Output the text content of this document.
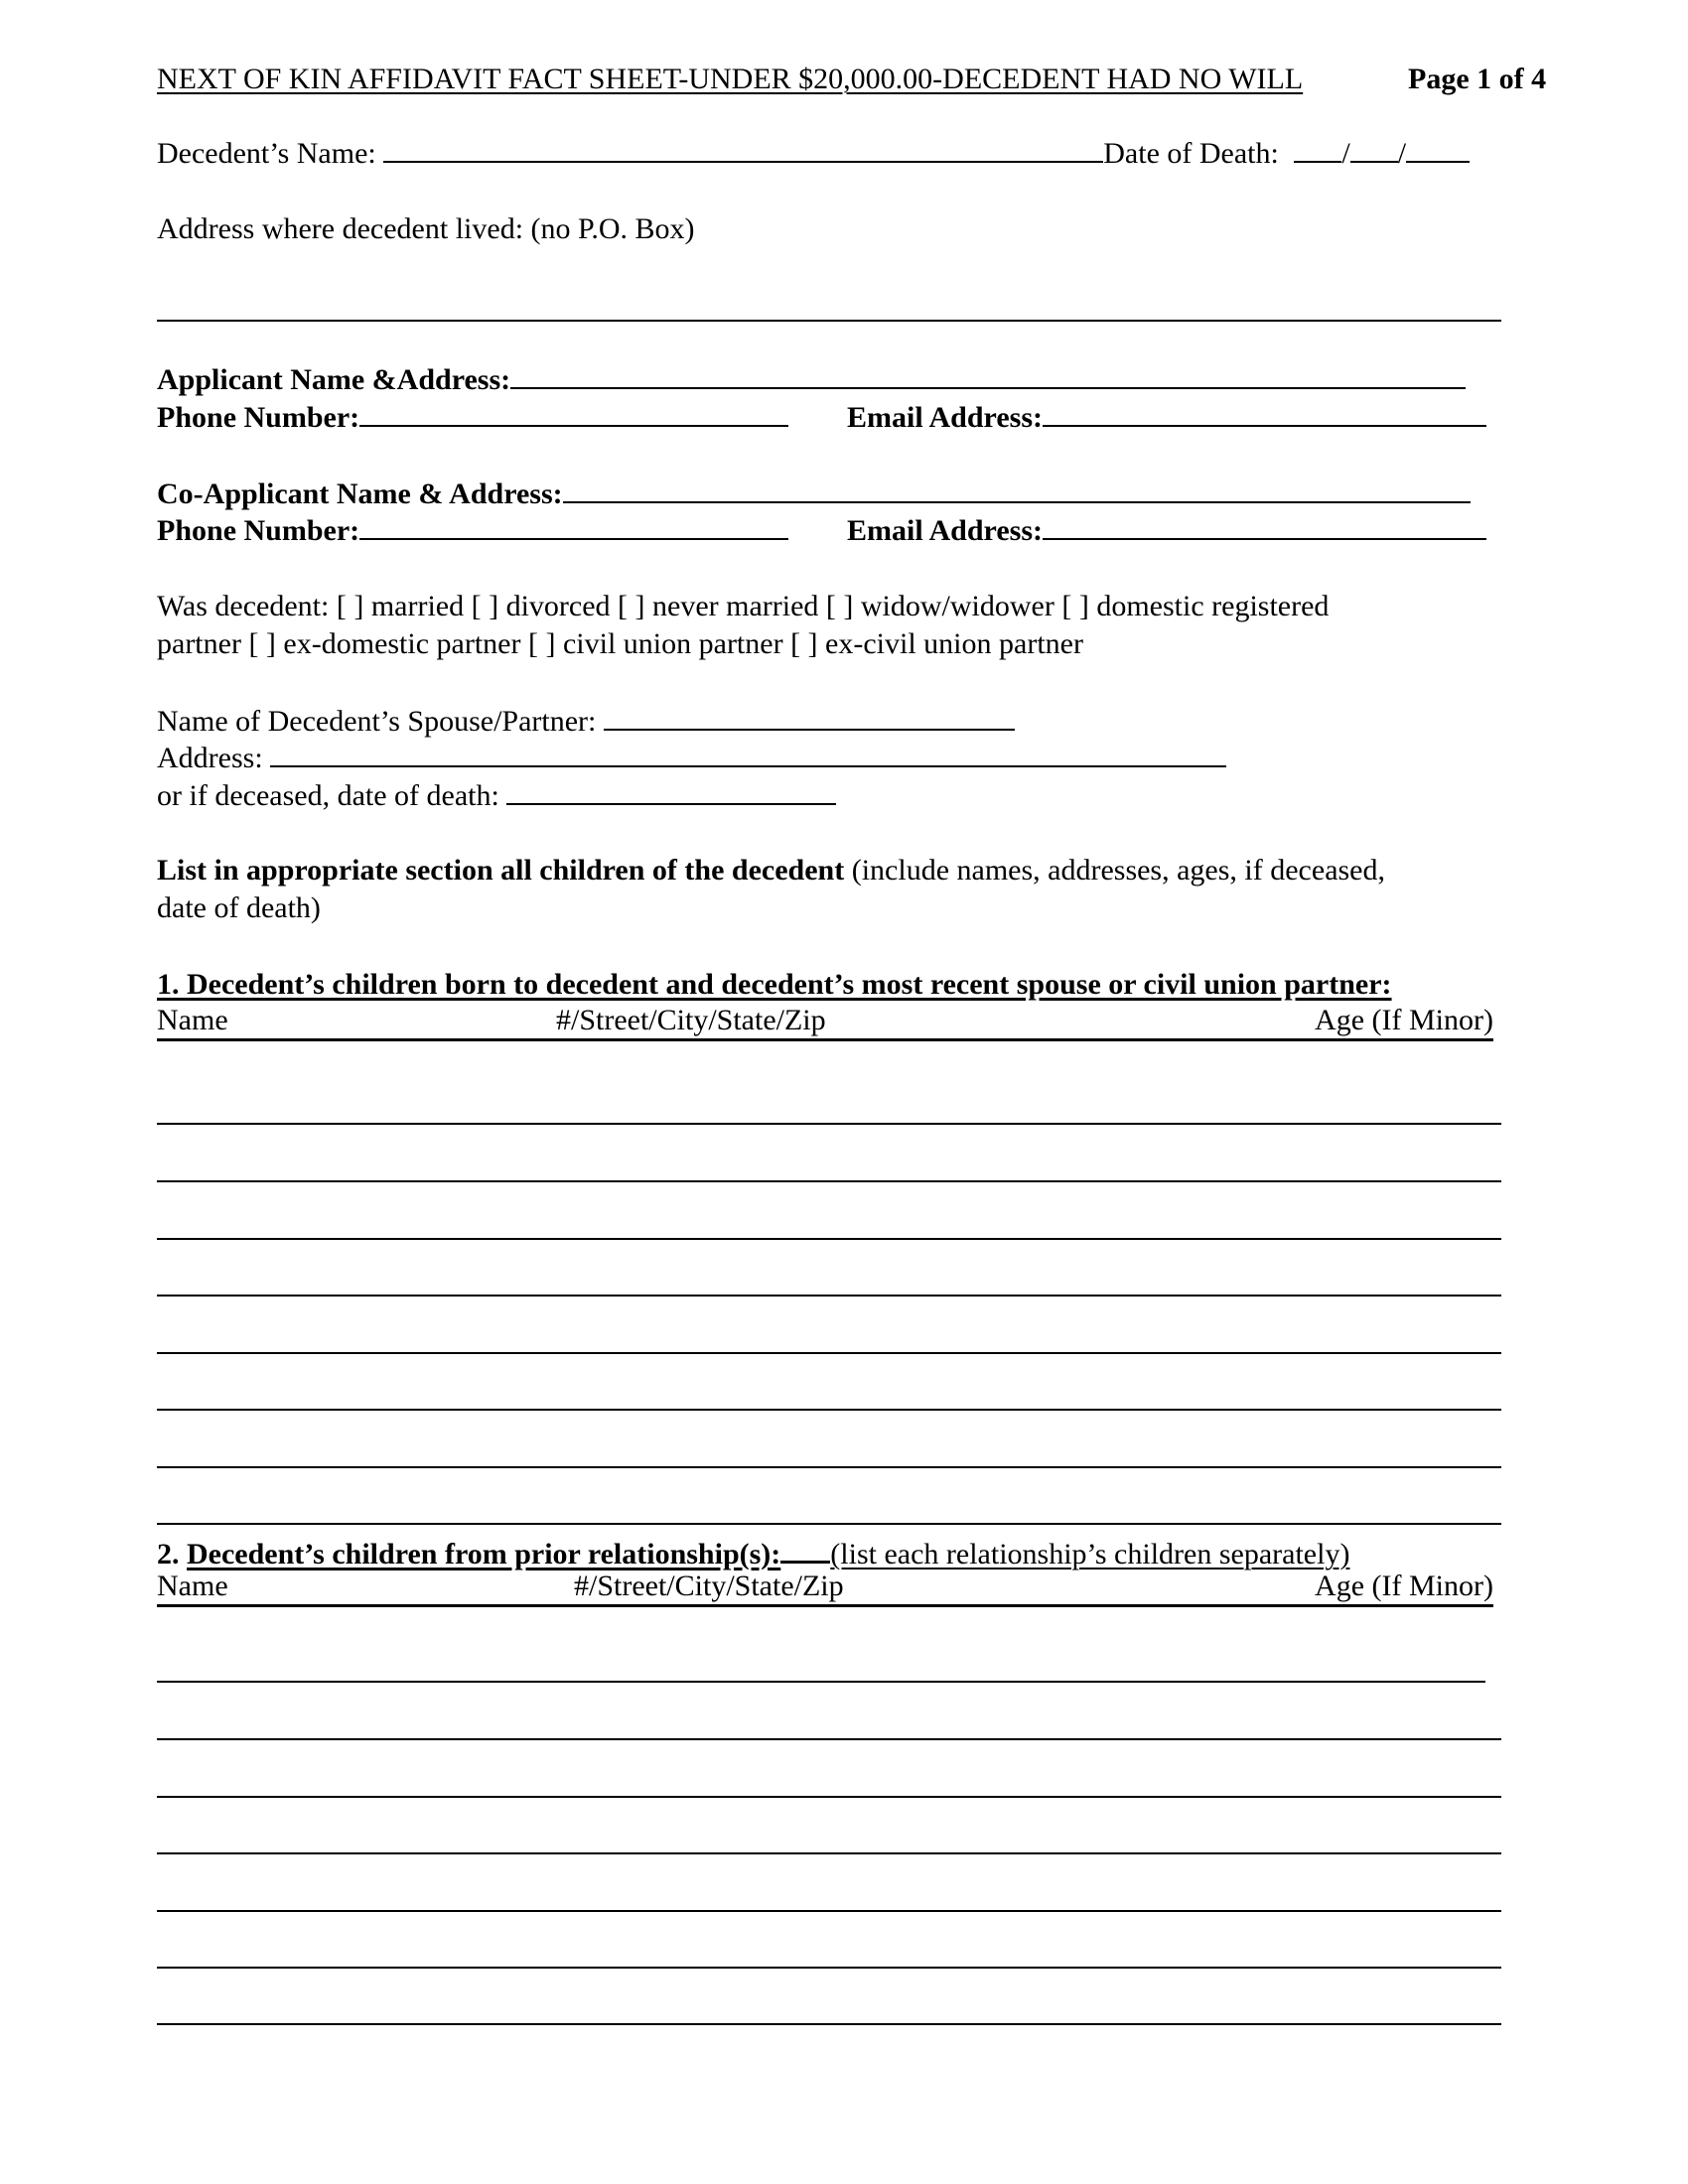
NEXT OF KIN AFFIDAVIT FACT SHEET-UNDER $20,000.00-DECEDENT HAD NO WILL	Page 1 of 4
Decedent’s Name:	Date of Death: / /
Address where decedent lived: (no P.O. Box)
Applicant Name &Address:
Phone Number:	Email Address:
Co-Applicant Name & Address:
Phone Number:	Email Address:
Was decedent: [ ] married [ ] divorced [ ] never married [ ] widow/widower [ ] domestic registered
partner [ ] ex-domestic partner [ ] civil union partner [ ] ex-civil union partner
Name of Decedent’s Spouse/Partner:
Address:
or if deceased, date of death:
List in appropriate section all children of the decedent (include names, addresses, ages, if deceased,
date of death)
1. Decedent’s children born to decedent and decedent’s most recent spouse or civil union partner:
Name	#/Street/City/State/Zip	Age (If Minor)
2. Decedent’s children from prior relationship(s): (list each relationship’s children separately)
Name	#/Street/City/State/Zip	Age (If Minor)
